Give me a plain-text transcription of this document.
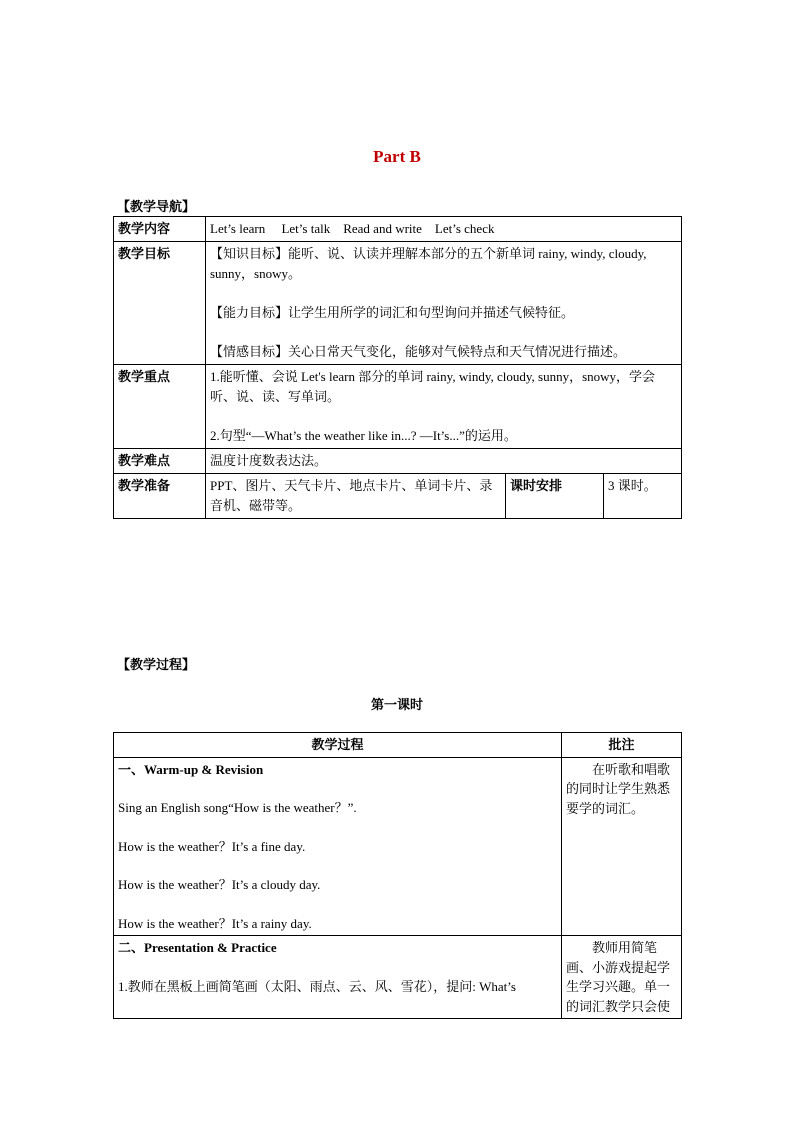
Part B
【教学导航】
教学内容	Let’s learn　 Let’s talk　Read and write　Let’s check		
教学目标	【知识目标】能听、说、认读并理解本部分的五个新单词 rainy, windy, cloudy, sunny，snowy。

【能力目标】让学生用所学的词汇和句型询问并描述气候特征。

【情感目标】关心日常天气变化，能够对气候特点和天气情况进行描述。		

教学重点	1.能听懂、会说 Let's learn 部分的单词 rainy, windy, cloudy, sunny，snowy，学会听、说、读、写单词。

2.句型“—What’s the weather like in...? —It’s...”的运用。		

教学难点	温度计度数表达法。		
教学准备	PPT、图片、天气卡片、地点卡片、单词卡片、录音机、磁带等。	课时安排	3 课时。
【教学过程】
第一课时
教学过程	批注

一、Warm-up & Revision

Sing an English song“How is the weather？”.

How is the weather？It’s a fine day.

How is the weather？It’s a cloudy day.

How is the weather？It’s a rainy day.	在听歌和唱歌的同时让学生熟悉要学的词汇。

二、Presentation & Practice

1.教师在黑板上画简笔画（太阳、雨点、云、风、雪花），提问: What’s	教师用简笔画、小游戏提起学生学习兴趣。单一的词汇教学只会使
